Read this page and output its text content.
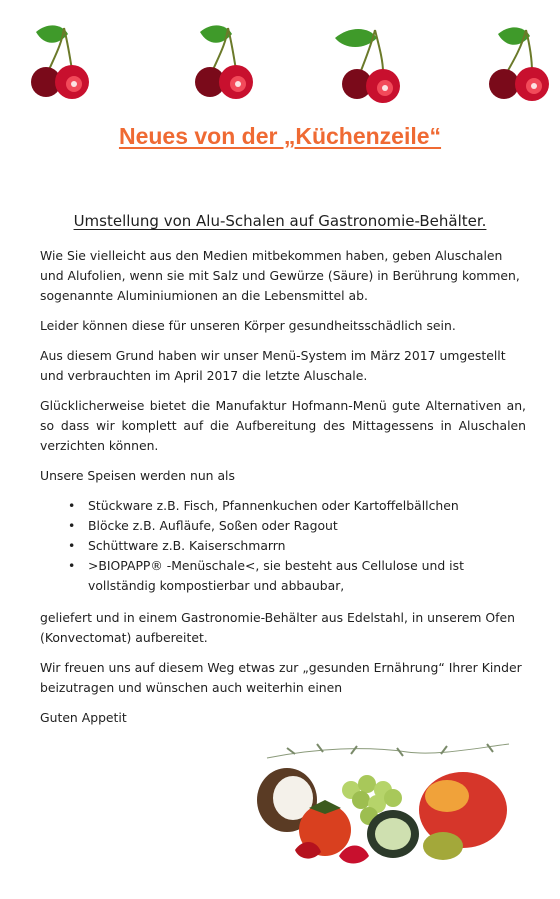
Neues von der „Küchenzeile“
Umstellung von Alu-Schalen auf Gastronomie-Behälter.

Wie Sie vielleicht aus den Medien mitbekommen haben, geben Aluschalen und Alufolien, wenn sie mit Salz und Gewürze (Säure) in Berührung kommen, sogenannte Aluminiumionen an die Lebensmittel ab.

Leider können diese für unseren Körper gesundheitsschädlich sein.

Aus diesem Grund haben wir unser Menü-System im März 2017 umgestellt und verbrauchten im April 2017 die letzte Aluschale.

Glücklicherweise bietet die Manufaktur Hofmann-Menü gute Alternativen an, so dass wir komplett auf die Aufbereitung des Mittagessens in Aluschalen verzichten können.

Unsere Speisen werden nun als

• Stückware z.B. Fisch, Pfannenkuchen oder Kartoffelbällchen
• Blöcke z.B. Aufläufe, Soßen oder Ragout
• Schüttware z.B. Kaiserschmarrn
• >BIOPAPP® -Menüschale<, sie besteht aus Cellulose und ist vollständig kompostierbar und abbaubar,

geliefert und in einem Gastronomie-Behälter aus Edelstahl, in unserem Ofen (Konvectomat) aufbereitet.

Wir freuen uns auf diesem Weg etwas zur „gesunden Ernährung“ Ihrer Kinder beizutragen und wünschen auch weiterhin einen

Guten Appetit
